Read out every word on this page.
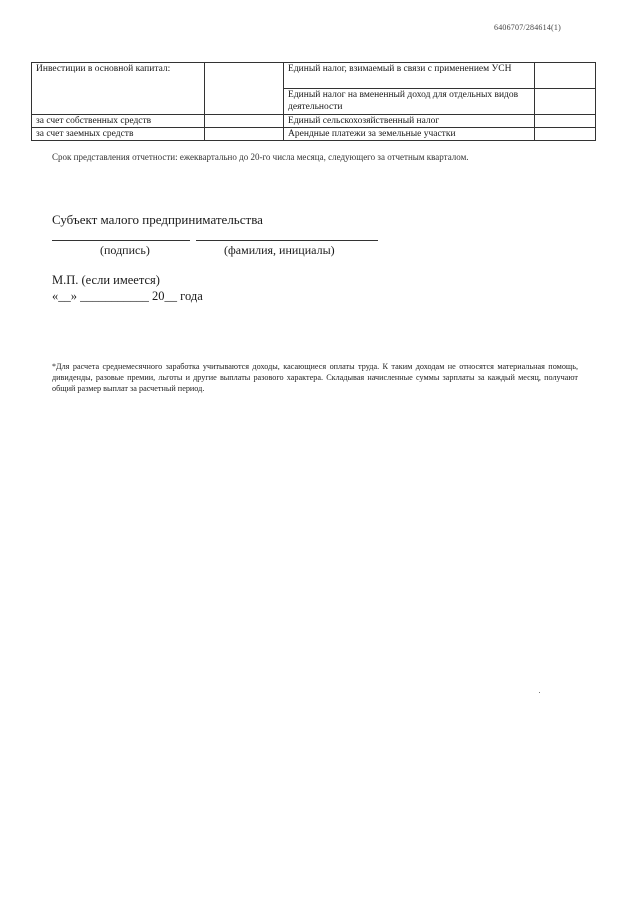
6406707/284614(1)
Инвестиции в основной капитал:		Единый налог, взимаемый в связи с применением УСН	
		Единый налог на вмененный доход для отдельных видов деятельности	
за счет собственных средств		Единый сельскохозяйственный налог	
за счет заемных средств		Арендные платежи за земельные участки	
Срок представления отчетности: ежеквартально до 20-го числа месяца, следующего за отчетным кварталом.
Субъект малого предпринимательства
(подпись)	(фамилия, инициалы)
М.П. (если имеется)
«__» ___________ 20__ года
*Для расчета среднемесячного заработка учитываются доходы, касающиеся оплаты труда. К таким доходам не относятся материальная помощь, дивиденды, разовые премии, льготы и другие выплаты разового характера. Складывая начисленные суммы зарплаты за каждый месяц, получают общий размер выплат за расчетный период.
